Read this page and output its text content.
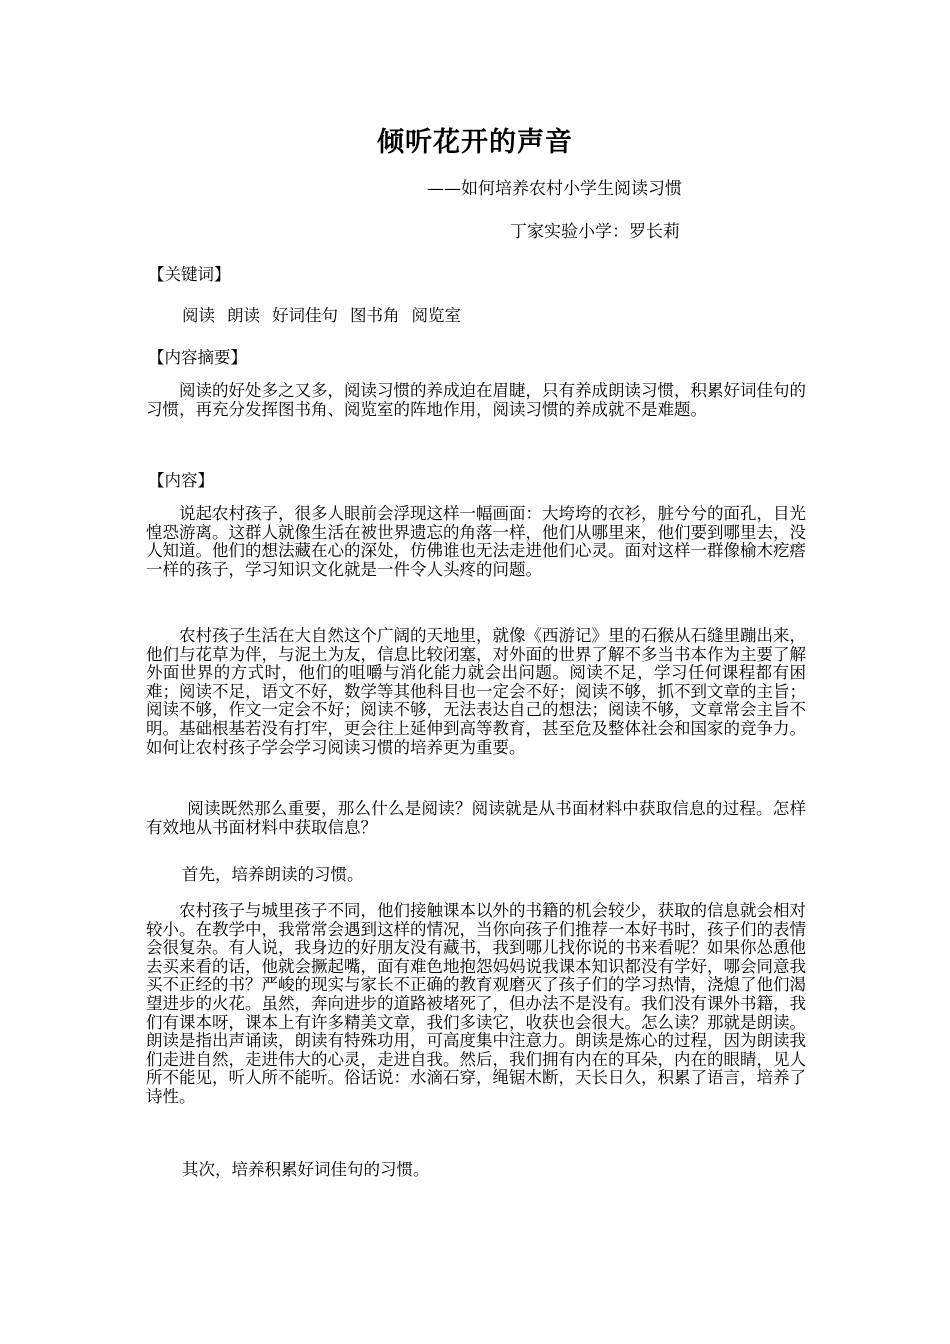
倾听花开的声音
——如何培养农村小学生阅读习惯
丁家实验小学：罗长莉
【关键词】
阅读 朗读 好词佳句 图书角 阅览室
【内容摘要】
阅读的好处多之又多，阅读习惯的养成迫在眉睫，只有养成朗读习惯，积累好词佳句的习惯，再充分发挥图书角、阅览室的阵地作用，阅读习惯的养成就不是难题。
【内容】
说起农村孩子，很多人眼前会浮现这样一幅画面：大垮垮的衣衫，脏兮兮的面孔，目光惶恐游离。这群人就像生活在被世界遗忘的角落一样，他们从哪里来，他们要到哪里去，没人知道。他们的想法藏在心的深处，仿佛谁也无法走进他们心灵。面对这样一群像榆木疙瘩一样的孩子，学习知识文化就是一件令人头疼的问题。
农村孩子生活在大自然这个广阔的天地里，就像《西游记》里的石猴从石缝里蹦出来，他们与花草为伴，与泥土为友，信息比较闭塞，对外面的世界了解不多当书本作为主要了解外面世界的方式时，他们的咀嚼与消化能力就会出问题。阅读不足，学习任何课程都有困难；阅读不足，语文不好，数学等其他科目也一定会不好；阅读不够，抓不到文章的主旨；阅读不够，作文一定会不好；阅读不够，无法表达自己的想法；阅读不够，文章常会主旨不明。基础根基若没有打牢，更会往上延伸到高等教育，甚至危及整体社会和国家的竞争力。如何让农村孩子学会学习阅读习惯的培养更为重要。
阅读既然那么重要，那么什么是阅读？阅读就是从书面材料中获取信息的过程。怎样有效地从书面材料中获取信息？
首先，培养朗读的习惯。
农村孩子与城里孩子不同，他们接触课本以外的书籍的机会较少，获取的信息就会相对较小。在教学中，我常常会遇到这样的情况，当你向孩子们推荐一本好书时，孩子们的表情会很复杂。有人说，我身边的好朋友没有藏书，我到哪儿找你说的书来看呢？如果你怂恿他去买来看的话，他就会撅起嘴，面有难色地抱怨妈妈说我课本知识都没有学好，哪会同意我买不正经的书？严峻的现实与家长不正确的教育观磨灭了孩子们的学习热情，浇熄了他们渴望进步的火花。虽然，奔向进步的道路被堵死了，但办法不是没有。我们没有课外书籍，我们有课本呀，课本上有许多精美文章，我们多读它，收获也会很大。怎么读？那就是朗读。朗读是指出声诵读，朗读有特殊功用，可高度集中注意力。朗读是炼心的过程，因为朗读我们走进自然，走进伟大的心灵，走进自我。然后，我们拥有内在的耳朵，内在的眼睛，见人所不能见，听人所不能听。俗话说：水滴石穿，绳锯木断，天长日久，积累了语言，培养了诗性。
其次，培养积累好词佳句的习惯。
